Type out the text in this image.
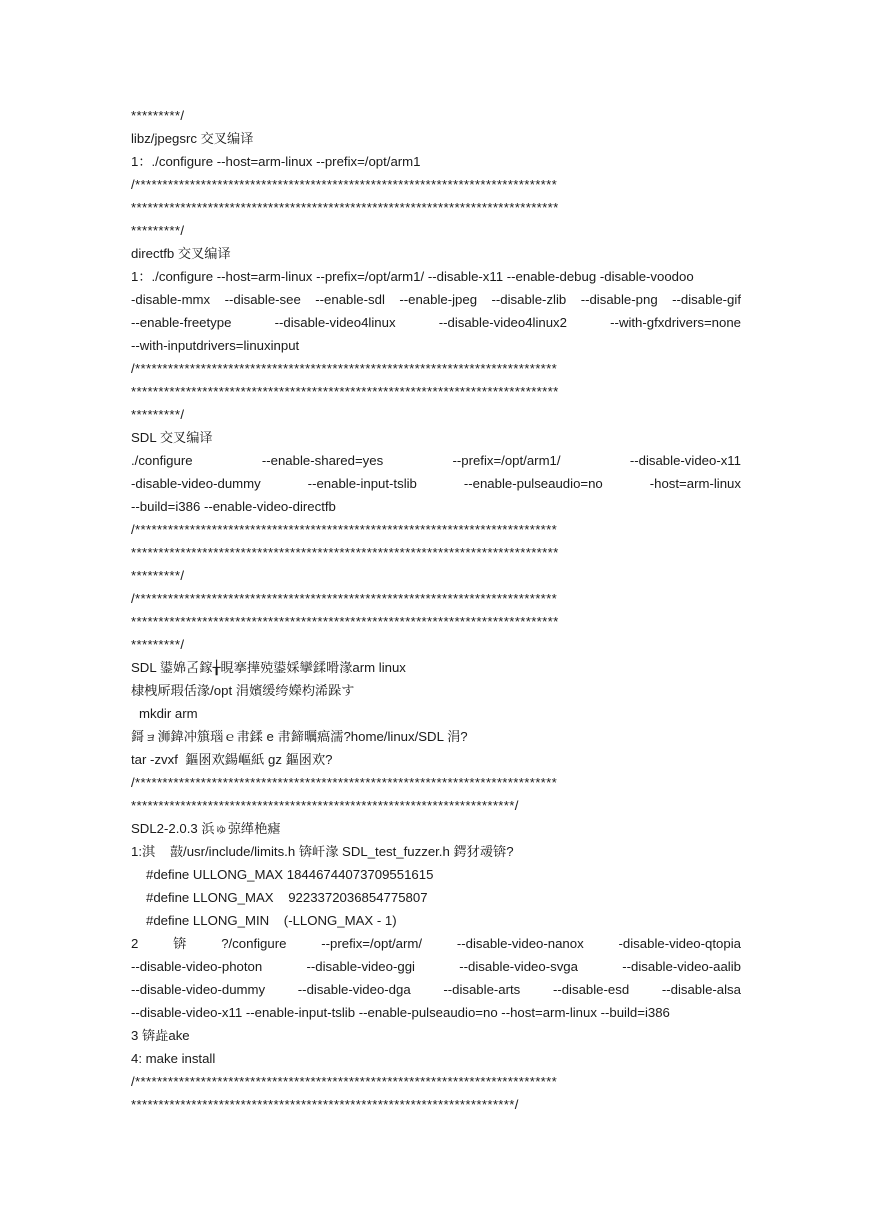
*********/
libz/jpegsrc 交叉编译
1：./configure --host=arm-linux --prefix=/opt/arm1
/*****************************************************************************
******************************************************************************
*********/
directfb 交叉编译
1：./configure --host=arm-linux --prefix=/opt/arm1/ --disable-x11 --enable-debug -disable-voodoo
-disable-mmx --disable-see --enable-sdl --enable-jpeg --disable-zlib --disable-png --disable-gif
--enable-freetype	--disable-video4linux	--disable-video4linux2	--with-gfxdrivers=none
--with-inputdrivers=linuxinput
/*****************************************************************************
******************************************************************************
*********/
SDL 交叉编译
./configure	--enable-shared=yes	--prefix=/opt/arm1/	--disable-video-x11
-disable-video-dummy	--enable-input-tslib	--enable-pulseaudio=no	-host=arm-linux
--build=i386 --enable-video-directfb
/*****************************************************************************
******************************************************************************
*********/
/*****************************************************************************
******************************************************************************
*********/
SDL 鍙婂叾鎵╁睍搴撶殑鍙婇攣鍒嗗湪arm linux
棣栧厛瑕佸湪/opt 涓嬪缓绔嬫枃浠跺す
mkdir arm
鎶ョ浉鍏冲簱瑙ｅ帇鍒 e 帇鍗曞瘑濡?home/linux/SDL 涓?
tar -zvxf  鏂囦欢鍚嶇紙 gz 鏂囦欢?
/*****************************************************************************
**********************************************************************/
SDL2-2.0.3 浜ゅ弶缂栬瘧
1:淇    敼/usr/include/limits.h 锛屽湪 SDL_test_fuzzer.h 鍔犲叆锛?
#define ULLONG_MAX 18446744073709551615
#define LLONG_MAX    9223372036854775807
#define LLONG_MIN    (-LLONG_MAX - 1)
2	锛	?/configure	--prefix=/opt/arm/	--disable-video-nanox	-disable-video-qtopia
--disable-video-photon	--disable-video-ggi	--disable-video-svga	--disable-video-aalib
--disable-video-dummy --disable-video-dga --disable-arts --disable-esd --disable-alsa
--disable-video-x11 --enable-input-tslib --enable-pulseaudio=no --host=arm-linux --build=i386
3 锛歮ake
4: make install
/*****************************************************************************
**********************************************************************/
